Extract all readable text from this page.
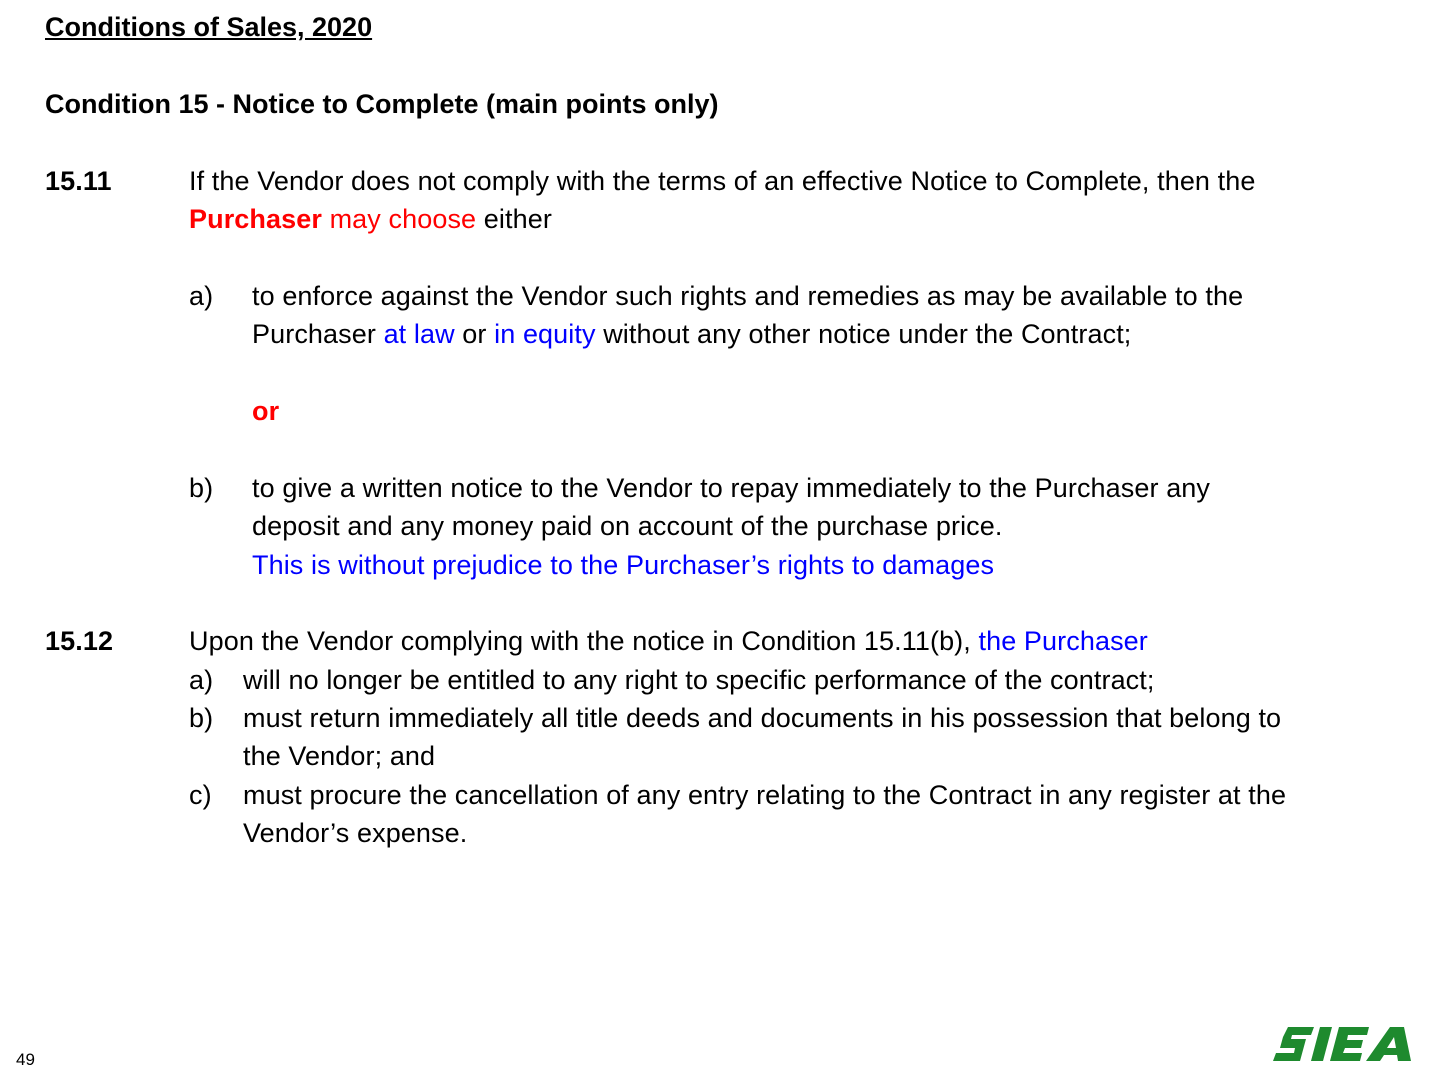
Conditions of Sales, 2020
Condition 15 - Notice to Complete (main points only)
15.11	If the Vendor does not comply with the terms of an effective Notice to Complete, then the
Purchaser may choose either
a) to enforce against the Vendor such rights and remedies as may be available to the
Purchaser at law or in equity without any other notice under the Contract;
or
b) to give a written notice to the Vendor to repay immediately to the Purchaser any
deposit and any money paid on account of the purchase price.
This is without prejudice to the Purchaser’s rights to damages
15.12	Upon the Vendor complying with the notice in Condition 15.11(b), the Purchaser
a) will no longer be entitled to any right to specific performance of the contract;
b) must return immediately all title deeds and documents in his possession that belong to
the Vendor; and
c) must procure the cancellation of any entry relating to the Contract in any register at the
Vendor’s expense.
49
